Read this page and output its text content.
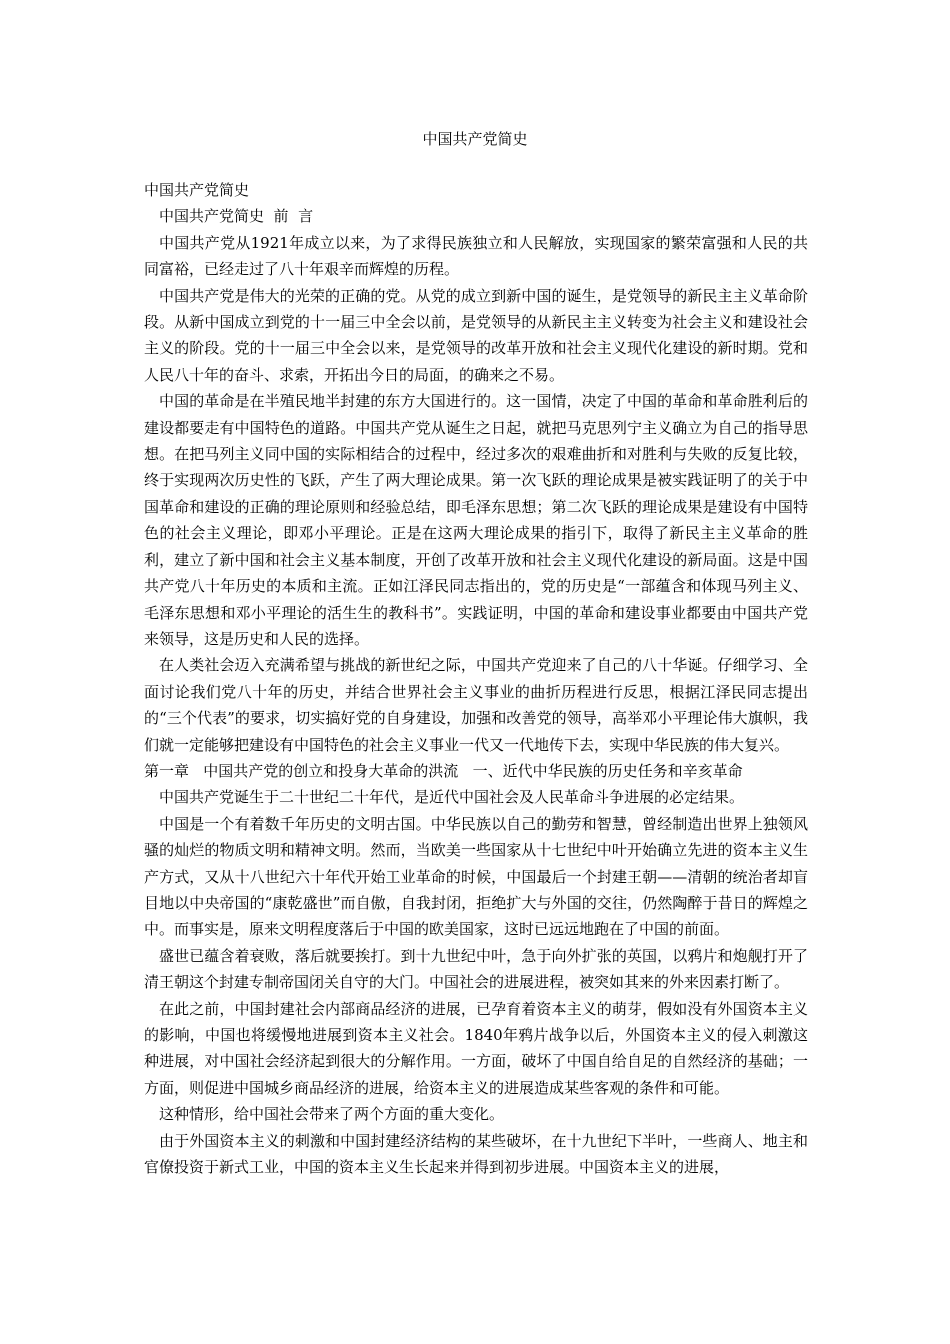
中国共产党简史

中国共产党简史

中国共产党简史  前  言

中国共产党从1921年成立以来，为了求得民族独立和人民解放，实现国家的繁荣富强和人民的共同富裕，已经走过了八十年艰辛而辉煌的历程。

中国共产党是伟大的光荣的正确的党。从党的成立到新中国的诞生，是党领导的新民主主义革命阶段。从新中国成立到党的十一届三中全会以前，是党领导的从新民主主义转变为社会主义和建设社会主义的阶段。党的十一届三中全会以来，是党领导的改革开放和社会主义现代化建设的新时期。党和人民八十年的奋斗、求索，开拓出今日的局面，的确来之不易。

中国的革命是在半殖民地半封建的东方大国进行的。这一国情，决定了中国的革命和革命胜利后的建设都要走有中国特色的道路。中国共产党从诞生之日起，就把马克思列宁主义确立为自己的指导思想。在把马列主义同中国的实际相结合的过程中，经过多次的艰难曲折和对胜利与失败的反复比较，终于实现两次历史性的飞跃，产生了两大理论成果。第一次飞跃的理论成果是被实践证明了的关于中国革命和建设的正确的理论原则和经验总结，即毛泽东思想；第二次飞跃的理论成果是建设有中国特色的社会主义理论，即邓小平理论。正是在这两大理论成果的指引下，取得了新民主主义革命的胜利，建立了新中国和社会主义基本制度，开创了改革开放和社会主义现代化建设的新局面。这是中国共产党八十年历史的本质和主流。正如江泽民同志指出的，党的历史是“一部蕴含和体现马列主义、毛泽东思想和邓小平理论的活生生的教科书”。实践证明，中国的革命和建设事业都要由中国共产党来领导，这是历史和人民的选择。

在人类社会迈入充满希望与挑战的新世纪之际，中国共产党迎来了自己的八十华诞。仔细学习、全面讨论我们党八十年的历史，并结合世界社会主义事业的曲折历程进行反思，根据江泽民同志提出的“三个代表”的要求，切实搞好党的自身建设，加强和改善党的领导，高举邓小平理论伟大旗帜，我们就一定能够把建设有中国特色的社会主义事业一代又一代地传下去，实现中华民族的伟大复兴。

第一章   中国共产党的创立和投身大革命的洪流   一、近代中华民族的历史任务和辛亥革命

中国共产党诞生于二十世纪二十年代，是近代中国社会及人民革命斗争进展的必定结果。

中国是一个有着数千年历史的文明古国。中华民族以自己的勤劳和智慧，曾经制造出世界上独领风骚的灿烂的物质文明和精神文明。然而，当欧美一些国家从十七世纪中叶开始确立先进的资本主义生产方式，又从十八世纪六十年代开始工业革命的时候，中国最后一个封建王朝——清朝的统治者却盲目地以中央帝国的“康乾盛世”而自傲，自我封闭，拒绝扩大与外国的交往，仍然陶醉于昔日的辉煌之中。而事实是，原来文明程度落后于中国的欧美国家，这时已远远地跑在了中国的前面。

盛世已蕴含着衰败，落后就要挨打。到十九世纪中叶，急于向外扩张的英国，以鸦片和炮舰打开了清王朝这个封建专制帝国闭关自守的大门。中国社会的进展进程，被突如其来的外来因素打断了。

在此之前，中国封建社会内部商品经济的进展，已孕育着资本主义的萌芽，假如没有外国资本主义的影响，中国也将缓慢地进展到资本主义社会。1840年鸦片战争以后，外国资本主义的侵入刺激这种进展，对中国社会经济起到很大的分解作用。一方面，破坏了中国自给自足的自然经济的基础；一方面，则促进中国城乡商品经济的进展，给资本主义的进展造成某些客观的条件和可能。

这种情形，给中国社会带来了两个方面的重大变化。

由于外国资本主义的刺激和中国封建经济结构的某些破坏，在十九世纪下半叶，一些商人、地主和官僚投资于新式工业，中国的资本主义生长起来并得到初步进展。中国资本主义的进展，
